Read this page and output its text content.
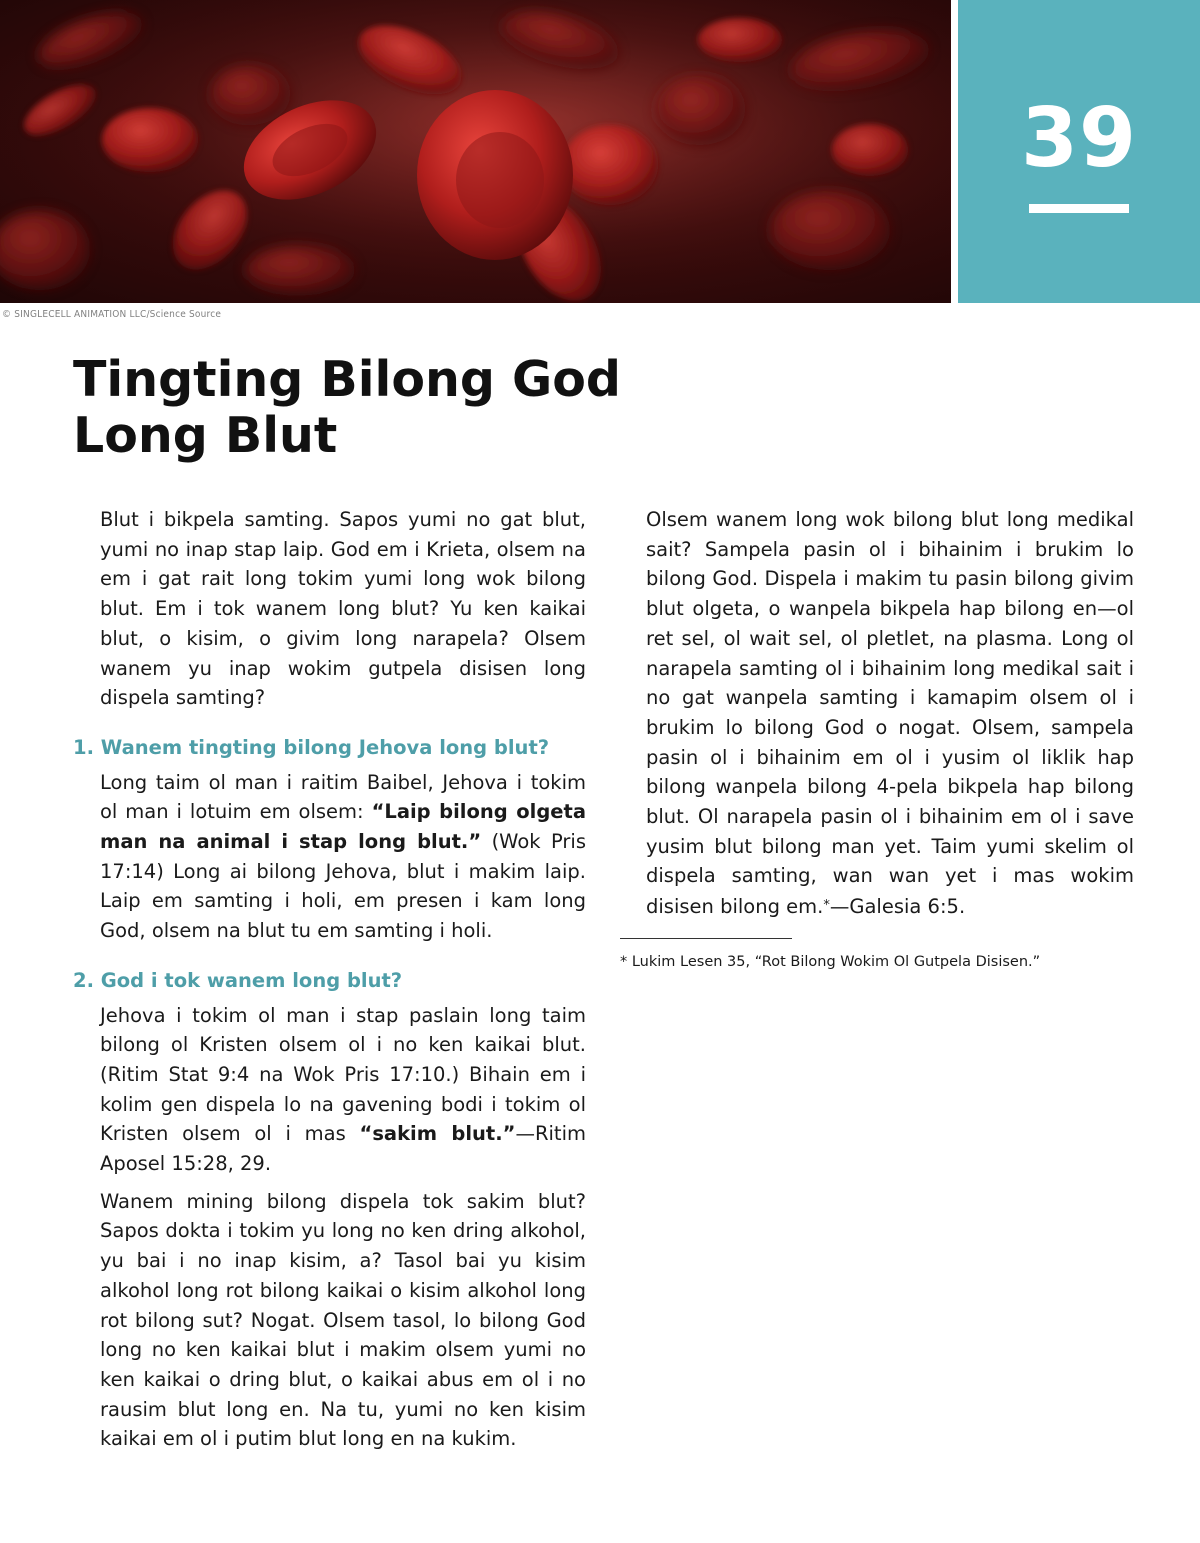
39
© SINGLECELL ANIMATION LLC/Science Source
Tingting Bilong God
Long Blut

Blut i bikpela samting. Sapos yumi no gat blut, yumi no inap stap laip. God em i Krieta, olsem na em i gat rait long tokim yumi long wok bilong blut. Em i tok wanem long blut? Yu ken kaikai blut, o kisim, o givim long narapela? Olsem wanem yu inap wokim gutpela disisen long dispela samting?

1. Wanem tingting bilong Jehova long blut?

Long taim ol man i raitim Baibel, Jehova i tokim ol man i lotuim em olsem: “Laip bilong olgeta man na animal i stap long blut.” (Wok Pris 17:14) Long ai bilong Jehova, blut i makim laip. Laip em samting i holi, em presen i kam long God, olsem na blut tu em samting i holi.

2. God i tok wanem long blut?

Jehova i tokim ol man i stap paslain long taim bilong ol Kristen olsem ol i no ken kaikai blut. (Ritim Stat 9:4 na Wok Pris 17:10.) Bihain em i kolim gen dispela lo na gavening bodi i tokim ol Kristen olsem ol i mas “sakim blut.”—Ritim Aposel 15:28, 29.

Wanem mining bilong dispela tok sakim blut? Sapos dokta i tokim yu long no ken dring alkohol, yu bai i no inap kisim, a? Tasol bai yu kisim alkohol long rot bilong kaikai o kisim alkohol long rot bilong sut? Nogat. Olsem tasol, lo bilong God long no ken kaikai blut i makim olsem yumi no ken kaikai o dring blut, o kaikai abus em ol i no rausim blut long en. Na tu, yumi no ken kisim kaikai em ol i putim blut long en na kukim.

Olsem wanem long wok bilong blut long medikal sait? Sampela pasin ol i bihainim i brukim lo bilong God. Dispela i makim tu pasin bilong givim blut olgeta, o wanpela bikpela hap bilong en—ol ret sel, ol wait sel, ol pletlet, na plasma. Long ol narapela samting ol i bihainim long medikal sait i no gat wanpela samting i kamapim olsem ol i brukim lo bilong God o nogat. Olsem, sampela pasin ol i bihainim em ol i yusim ol liklik hap bilong wanpela bilong 4-pela bikpela hap bilong blut. Ol narapela pasin ol i bihainim em ol i save yusim blut bilong man yet. Taim yumi skelim ol dispela samting, wan wan yet i mas wokim disisen bilong em.*—Galesia 6:5.

* Lukim Lesen 35, “Rot Bilong Wokim Ol Gutpela Disisen.”
